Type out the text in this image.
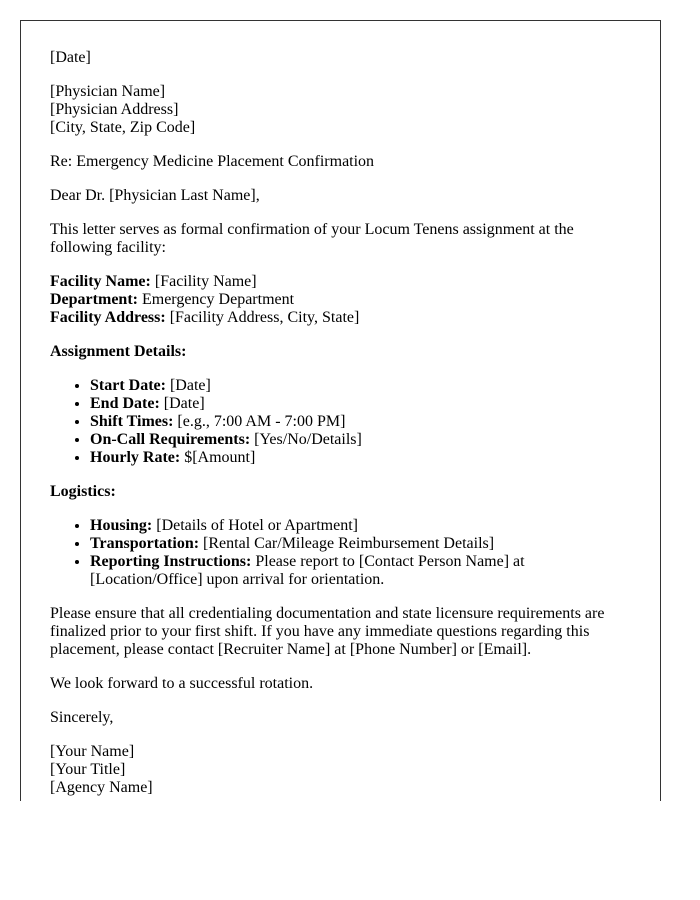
[Date]

[Physician Name]
[Physician Address]
[City, State, Zip Code]

Re: Emergency Medicine Placement Confirmation

Dear Dr. [Physician Last Name],

This letter serves as formal confirmation of your Locum Tenens assignment at the following facility:

Facility Name: [Facility Name]
Department: Emergency Department
Facility Address: [Facility Address, City, State]

Assignment Details:

• Start Date: [Date]
• End Date: [Date]
• Shift Times: [e.g., 7:00 AM - 7:00 PM]
• On-Call Requirements: [Yes/No/Details]
• Hourly Rate: $[Amount]

Logistics:

• Housing: [Details of Hotel or Apartment]
• Transportation: [Rental Car/Mileage Reimbursement Details]
• Reporting Instructions: Please report to [Contact Person Name] at [Location/Office] upon arrival for orientation.

Please ensure that all credentialing documentation and state licensure requirements are finalized prior to your first shift. If you have any immediate questions regarding this placement, please contact [Recruiter Name] at [Phone Number] or [Email].

We look forward to a successful rotation.

Sincerely,

[Your Name]
[Your Title]
[Agency Name]
